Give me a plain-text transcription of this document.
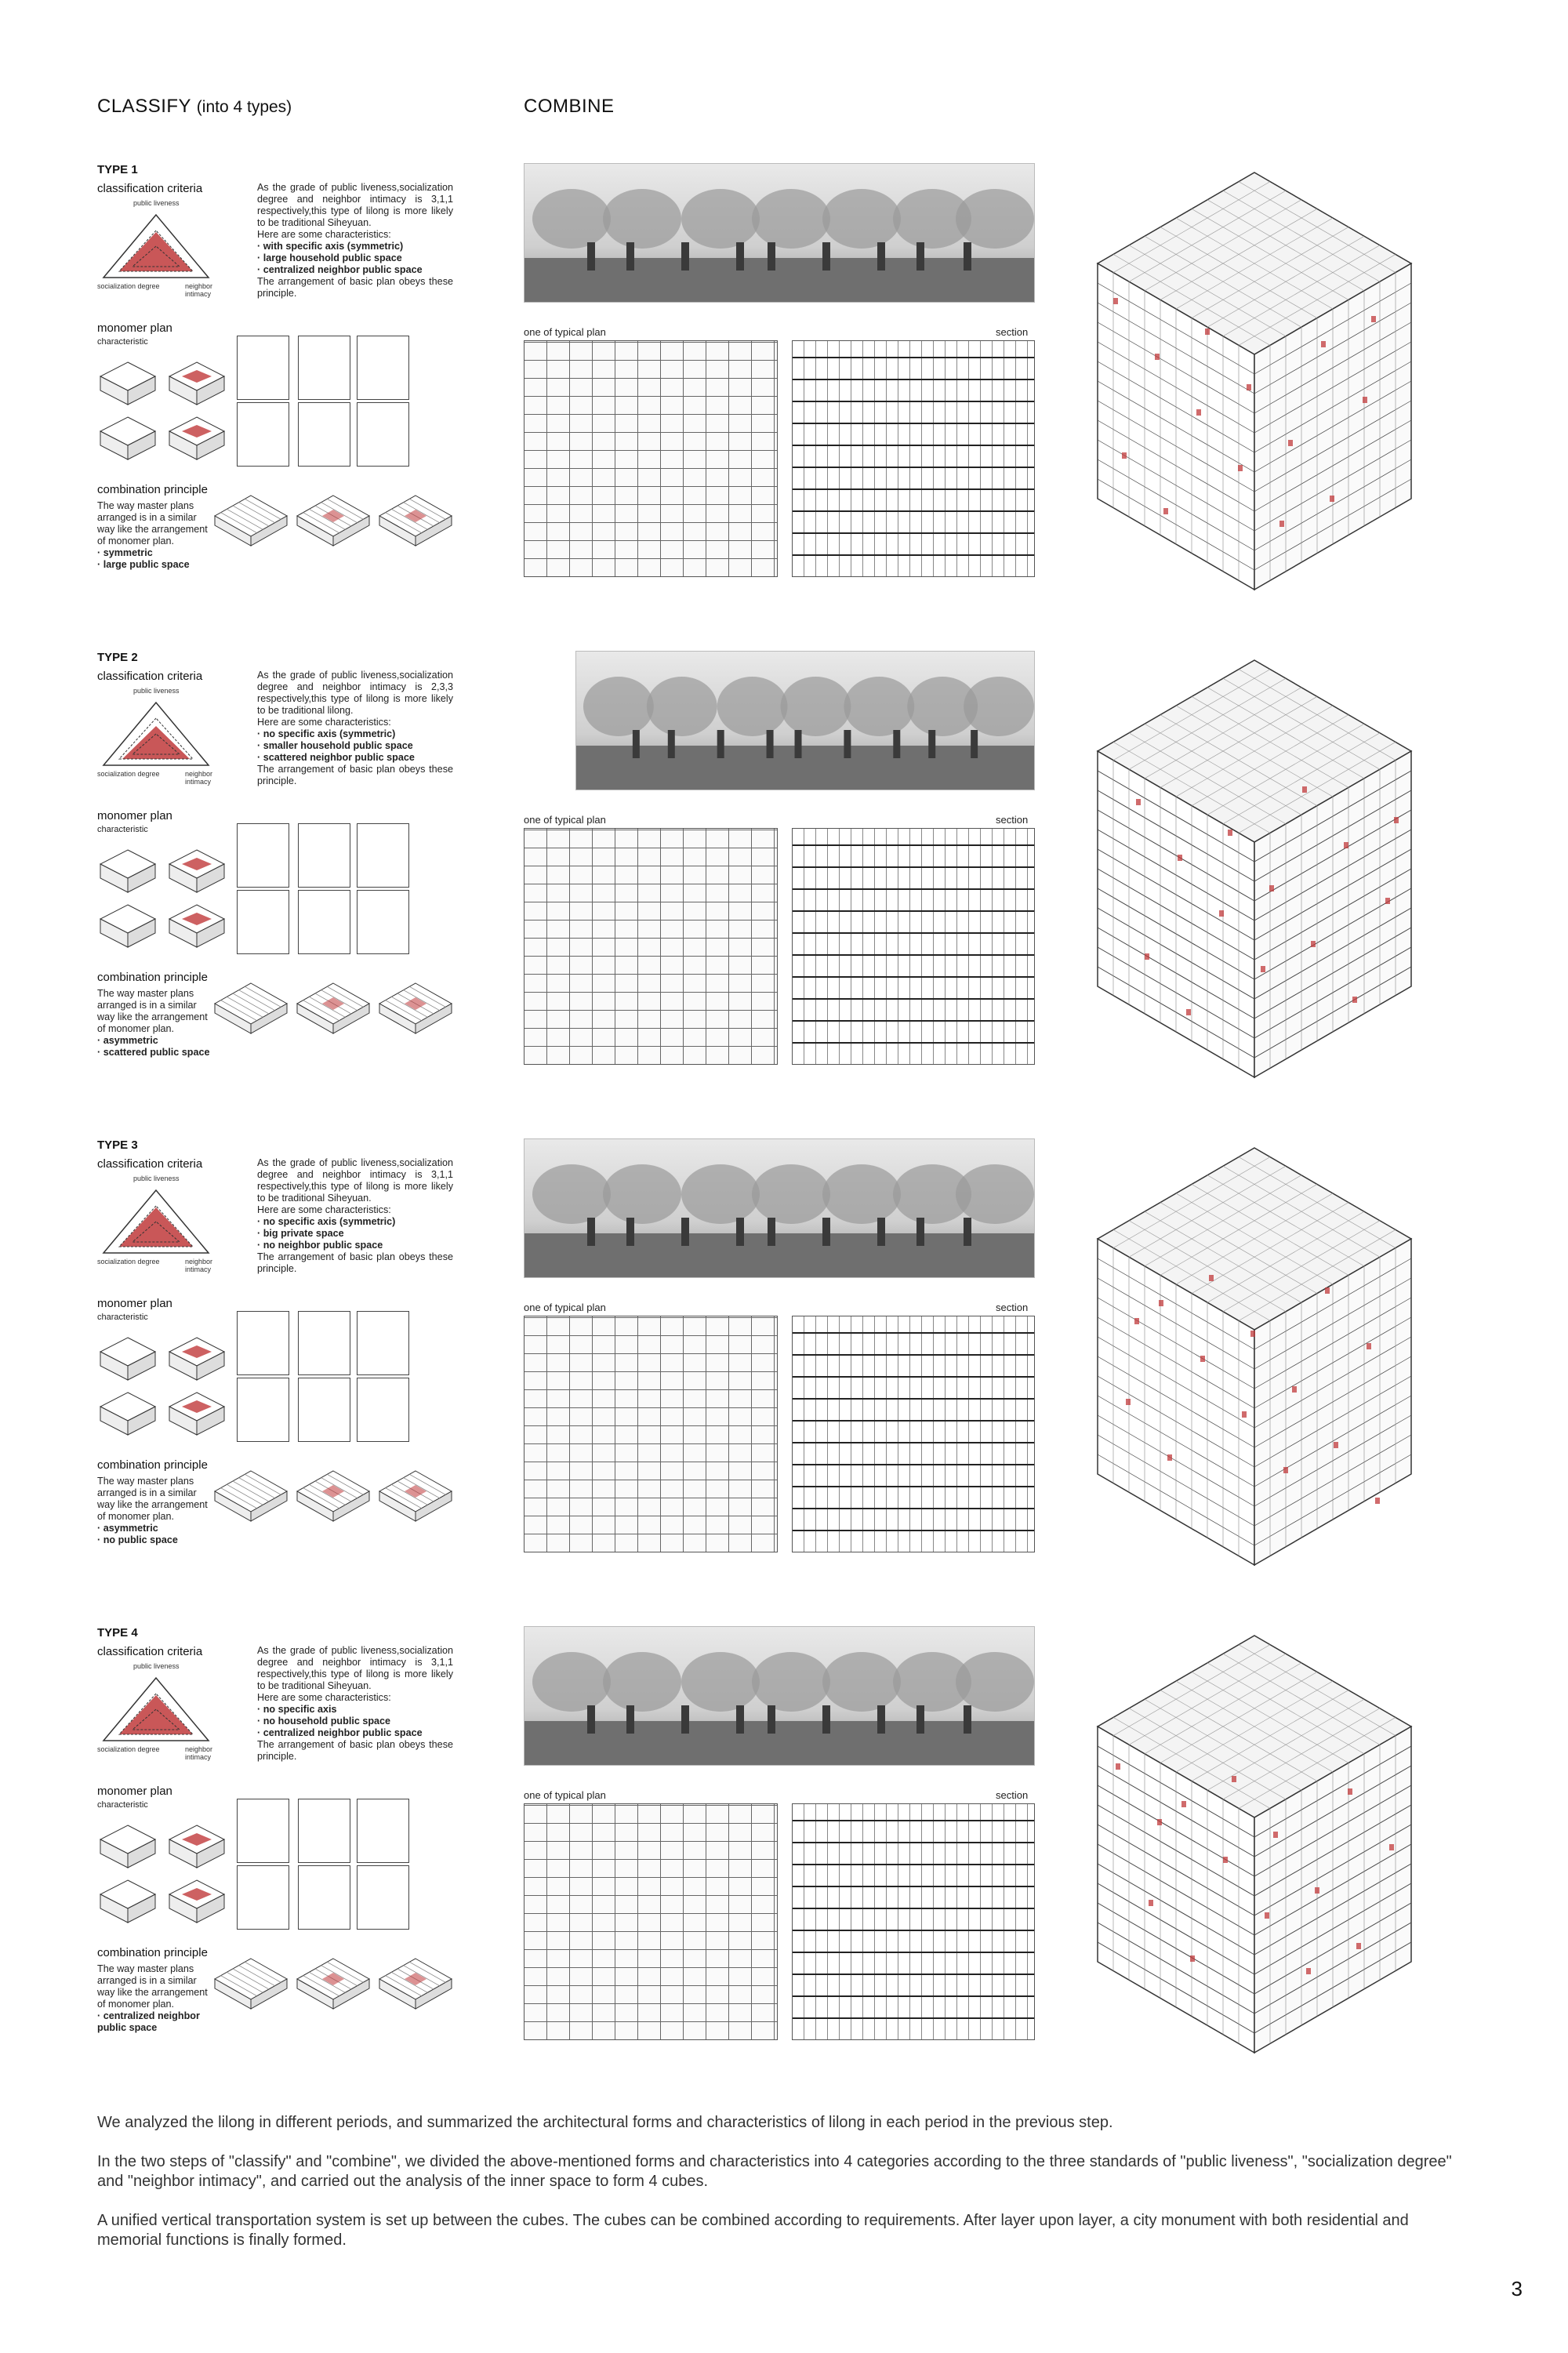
CLASSIFY (into 4 types)	COMBINE
TYPE 1
classification criteria
public liveness
socialization degree	neighbor intimacy
As the grade of public liveness,socialization degree and neighbor intimacy is 3,1,1 respectively,this type of lilong is more likely to be traditional Siheyuan.
Here are some characteristics:
· with specific axis (symmetric)
· large household public space
· centralized neighbor public space
The arrangement of basic plan obeys these principle.
monomer plan
characteristic
combination principle
The way master plans arranged is in a similar way like the arrangement of monomer plan.
· symmetric
· large public space
one of typical plan	section
TYPE 2
classification criteria
public liveness
socialization degree	neighbor intimacy
As the grade of public liveness,socialization degree and neighbor intimacy is 2,3,3 respectively,this type of lilong is more likely to be traditional lilong.
Here are some characteristics:
· no specific axis (symmetric)
· smaller household public space
· scattered neighbor public space
The arrangement of basic plan obeys these principle.
monomer plan
characteristic
combination principle
The way master plans arranged is in a similar way like the arrangement of monomer plan.
· asymmetric
· scattered public space
one of typical plan	section
TYPE 3
classification criteria
public liveness
socialization degree	neighbor intimacy
As the grade of public liveness,socialization degree and neighbor intimacy is 3,1,1 respectively,this type of lilong is more likely to be traditional Siheyuan.
Here are some characteristics:
· no specific axis (symmetric)
· big private space
· no neighbor public space
The arrangement of basic plan obeys these principle.
monomer plan
characteristic
combination principle
The way master plans arranged is in a similar way like the arrangement of monomer plan.
· asymmetric
· no public space
one of typical plan	section
TYPE 4
classification criteria
public liveness
socialization degree	neighbor intimacy
As the grade of public liveness,socialization degree and neighbor intimacy is 3,1,1 respectively,this type of lilong is more likely to be traditional Siheyuan.
Here are some characteristics:
· no specific axis
· no household public space
· centralized neighbor public space
The arrangement of basic plan obeys these principle.
monomer plan
characteristic
combination principle
The way master plans arranged is in a similar way like the arrangement of monomer plan.
· centralized neighbor public space
one of typical plan	section
We analyzed the lilong in different periods, and summarized the architectural forms and characteristics of lilong in each period in the previous step.
In the two steps of "classify" and "combine", we divided the above-mentioned forms and characteristics into 4 categories according to the three standards of "public liveness", "socialization degree" and "neighbor intimacy", and carried out the analysis of the inner space to form 4 cubes.
A unified vertical transportation system is set up between the cubes. The cubes can be combined according to requirements. After layer upon layer, a city monument with both residential and memorial functions is finally formed.
3
